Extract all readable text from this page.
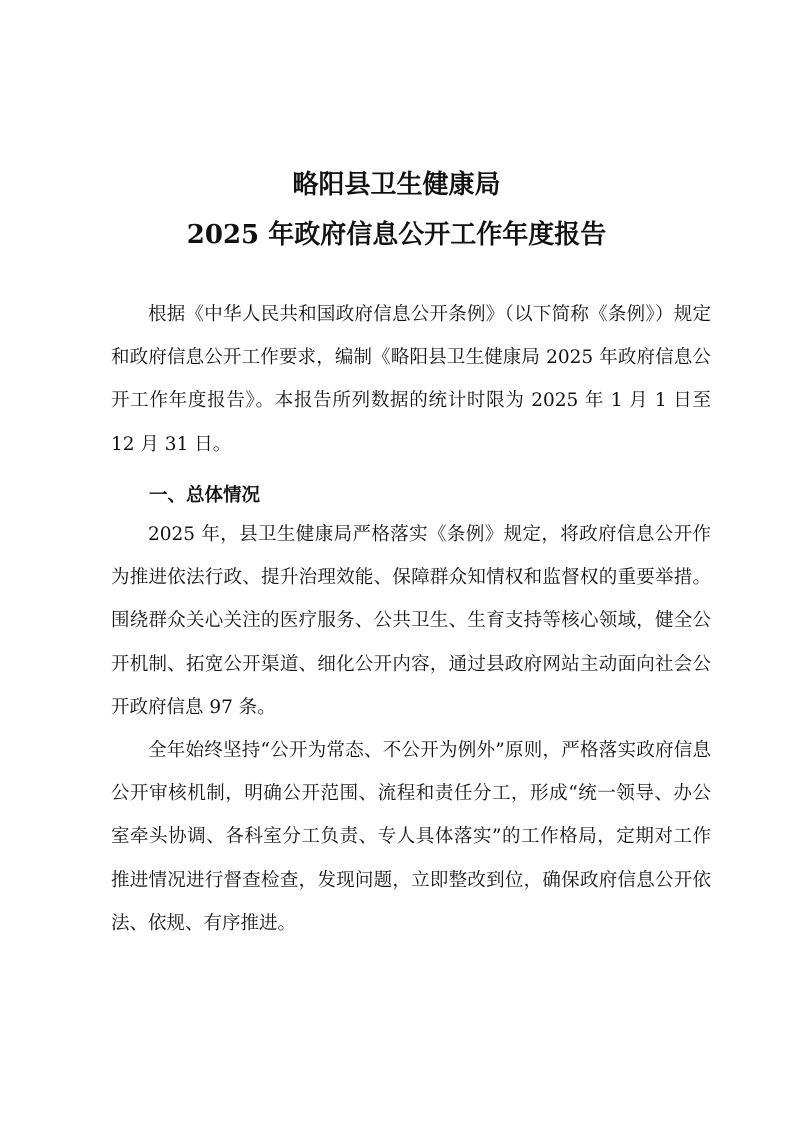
略阳县卫生健康局
2025 年政府信息公开工作年度报告

根据《中华人民共和国政府信息公开条例》（以下简称《条例》）规定和政府信息公开工作要求，编制《略阳县卫生健康局 2025 年政府信息公开工作年度报告》。本报告所列数据的统计时限为 2025 年 1 月 1 日至 12 月 31 日。

一、总体情况

2025 年，县卫生健康局严格落实《条例》规定，将政府信息公开作为推进依法行政、提升治理效能、保障群众知情权和监督权的重要举措。围绕群众关心关注的医疗服务、公共卫生、生育支持等核心领域，健全公开机制、拓宽公开渠道、细化公开内容，通过县政府网站主动面向社会公开政府信息 97 条。

全年始终坚持“公开为常态、不公开为例外”原则，严格落实政府信息公开审核机制，明确公开范围、流程和责任分工，形成“统一领导、办公室牵头协调、各科室分工负责、专人具体落实”的工作格局，定期对工作推进情况进行督查检查，发现问题，立即整改到位，确保政府信息公开依法、依规、有序推进。
